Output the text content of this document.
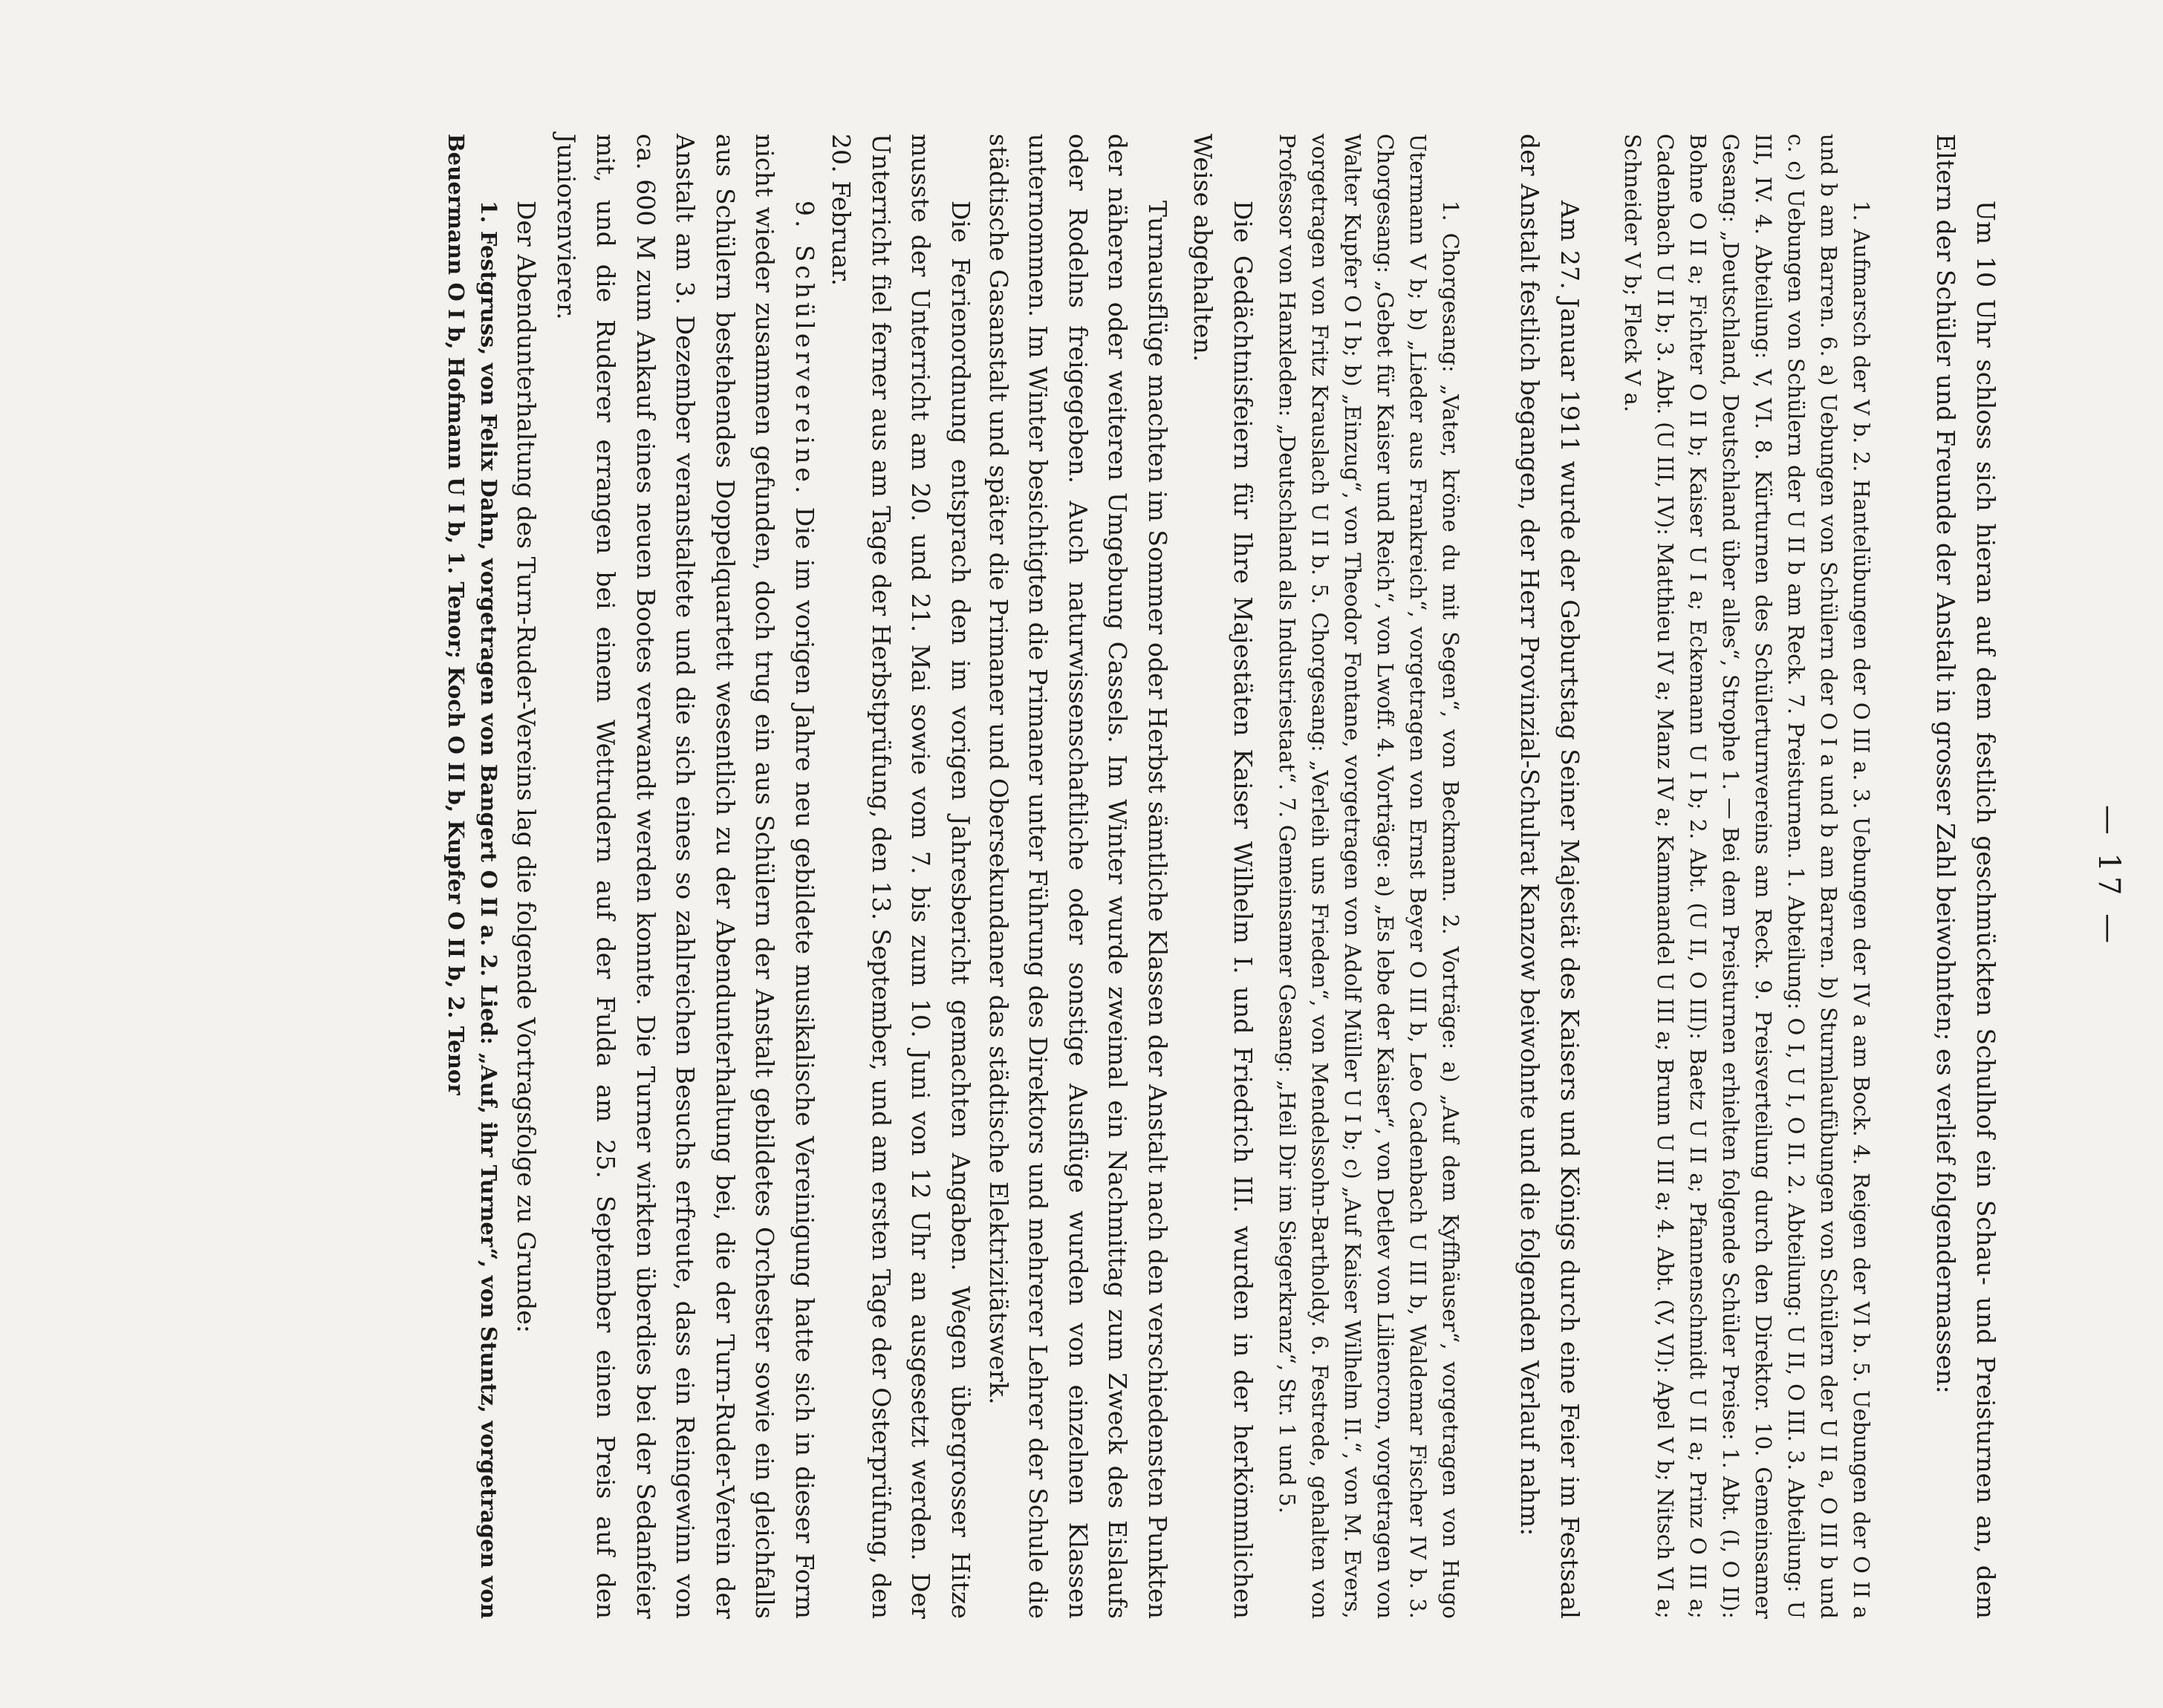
— 17 —

Um 10 Uhr schloss sich hieran auf dem festlich geschmückten Schulhof ein Schau- und Preisturnen an, dem Eltern der Schüler und Freunde der Anstalt in grosser Zahl beiwohnten; es verlief folgendermassen:

1. Aufmarsch der V b. 2. Hantelübungen der O III a. 3. Uebungen der IV a am Bock. 4. Reigen der VI b. 5. Uebungen der O II a und b am Barren. 6. a) Uebungen von Schülern der O I a und b am Barren. b) Sturmlaufübungen von Schülern der U II a, O III b und c. c) Uebungen von Schülern der U II b am Reck. 7. Preisturnen. 1. Abteilung: O I, U I, O II. 2. Abteilung: U II, O III. 3. Abteilung: U III, IV. 4. Abteilung: V, VI. 8. Kürturnen des Schülerturnvereins am Reck. 9. Preisverteilung durch den Direktor. 10. Gemeinsamer Gesang: „Deutschland, Deutschland über alles“, Strophe 1. — Bei dem Preisturnen erhielten folgende Schüler Preise: 1. Abt. (I, O II): Bohne O II a; Fichter O II b; Kaiser U I a; Eckemann U I b; 2. Abt. (U II, O III): Baetz U II a; Pfannenschmidt U II a; Prinz O III a; Cadenbach U II b; 3. Abt. (U III, IV): Matthieu IV a; Manz IV a; Kammandel U III a; Brunn U III a; 4. Abt. (V, VI): Apel V b; Nitsch VI a; Schneider V b; Fleck V a.

Am 27. Januar 1911 wurde der Geburtstag Seiner Majestät des Kaisers und Königs durch eine Feier im Festsaal der Anstalt festlich begangen, der Herr Provinzial-Schulrat Kanzow beiwohnte und die folgenden Verlauf nahm:

1. Chorgesang: „Vater, kröne du mit Segen“, von Beckmann. 2. Vorträge: a) „Auf dem Kyffhäuser“, vorgetragen von Hugo Utermann V b; b) „Lieder aus Frankreich“, vorgetragen von Ernst Beyer O III b, Leo Cadenbach U III b, Waldemar Fischer IV b. 3. Chorgesang: „Gebet für Kaiser und Reich“, von Lwoff. 4. Vorträge: a) „Es lebe der Kaiser“, von Detlev von Liliencron, vorgetragen von Walter Kupfer O I b; b) „Einzug“, von Theodor Fontane, vorgetragen von Adolf Müller U I b; c) „Auf Kaiser Wilhelm II.“, von M. Evers, vorgetragen von Fritz Krauslach U II b. 5. Chorgesang: „Verleih uns Frieden“, von Mendelssohn-Bartholdy. 6. Festrede, gehalten von Professor von Hanxleden: „Deutschland als Industriestaat“. 7. Gemeinsamer Gesang: „Heil Dir im Siegerkranz“, Str. 1 und 5.

Die Gedächtnisfeiern für Ihre Majestäten Kaiser Wilhelm I. und Friedrich III. wurden in der herkömmlichen Weise abgehalten.

Turnausflüge machten im Sommer oder Herbst sämtliche Klassen der Anstalt nach den verschiedensten Punkten der näheren oder weiteren Umgebung Cassels. Im Winter wurde zweimal ein Nachmittag zum Zweck des Eislaufs oder Rodelns freigegeben. Auch naturwissenschaftliche oder sonstige Ausflüge wurden von einzelnen Klassen unternommen. Im Winter besichtigten die Primaner unter Führung des Direktors und mehrerer Lehrer der Schule die städtische Gasanstalt und später die Primaner und Obersekundaner das städtische Elektrizitätswerk.

Die Ferienordnung entsprach den im vorigen Jahresbericht gemachten Angaben. Wegen übergrosser Hitze musste der Unterricht am 20. und 21. Mai sowie vom 7. bis zum 10. Juni von 12 Uhr an ausgesetzt werden. Der Unterricht fiel ferner aus am Tage der Herbstprüfung, den 13. September, und am ersten Tage der Osterprüfung, den 20. Februar.

9. Schülervereine. Die im vorigen Jahre neu gebildete musikalische Vereinigung hatte sich in dieser Form nicht wieder zusammen gefunden, doch trug ein aus Schülern der Anstalt gebildetes Orchester sowie ein gleichfalls aus Schülern bestehendes Doppelquartett wesentlich zu der Abendunterhaltung bei, die der Turn-Ruder-Verein der Anstalt am 3. Dezember veranstaltete und die sich eines so zahlreichen Besuchs erfreute, dass ein Reingewinn von ca. 600 M zum Ankauf eines neuen Bootes verwandt werden konnte. Die Turner wirkten überdies bei der Sedanfeier mit, und die Ruderer errangen bei einem Wettrudern auf der Fulda am 25. September einen Preis auf den Juniorenvierer.

Der Abendunterhaltung des Turn-Ruder-Vereins lag die folgende Vortragsfolge zu Grunde:

1. Festgruss, von Felix Dahn, vorgetragen von Bangert O II a. 2. Lied: „Auf, ihr Turner“, von Stuntz, vorgetragen von Beuermann O I b, Hofmann U I b, 1. Tenor; Koch O II b, Kupfer O II b, 2. Tenor
